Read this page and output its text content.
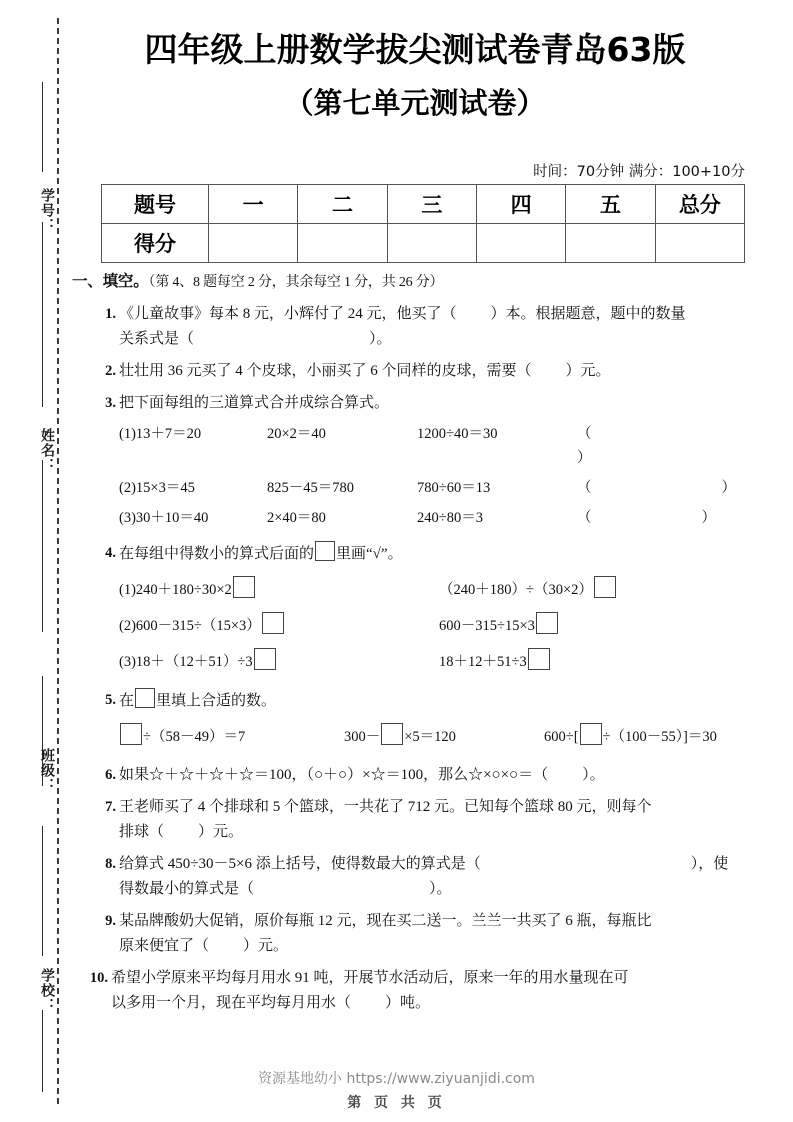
学号：
姓名：
班级：
学校：
四年级上册数学拔尖测试卷青岛63版
（第七单元测试卷）
时间：70分钟 满分：100+10分
题号	一	二	三	四	五	总分
得分						
一、填空。（第 4、8 题每空 2 分，其余每空 1 分，共 26 分）
1. 《儿童故事》每本 8 元，小辉付了 24 元，他买了（ ）本。根据题意，题中的数量
关系式是（	）。
2. 壮壮用 36 元买了 4 个皮球，小丽买了 6 个同样的皮球，需要（ ）元。
3. 把下面每组的三道算式合并成综合算式。
(1)13＋7＝20	20×2＝40	1200÷40＝30	（）
(2)15×3＝45	825－45＝780	780÷60＝13	（	）
(3)30＋10＝40	2×40＝80	240÷80＝3	（	）
4. 在每组中得数小的算式后面的 里画“√”。
(1)240＋180÷30×2	（240＋180）÷（30×2）
(2)600－315÷（15×3）	600－315÷15×3
(3)18＋（12＋51）÷3	18＋12＋51÷3
5. 在 里填上合适的数。
÷（58－49）＝7	300－ ×5＝120	600÷[ ÷（100－55）]＝30
6. 如果☆＋☆＋☆＋☆＝100，（○＋○）×☆＝100，那么☆×○×○＝（ ）。
7. 王老师买了 4 个排球和 5 个篮球，一共花了 712 元。已知每个篮球 80 元，则每个
排球（ ）元。
8. 给算式 450÷30－5×6 添上括号，使得数最大的算式是（	），使
得数最小的算式是（	）。
9. 某品牌酸奶大促销，原价每瓶 12 元，现在买二送一。兰兰一共买了 6 瓶，每瓶比
原来便宜了（ ）元。
10. 希望小学原来平均每月用水 91 吨，开展节水活动后，原来一年的用水量现在可
以多用一个月，现在平均每月用水（ ）吨。
资源基地幼小 https://www.ziyuanjidi.com
第 页 共 页
